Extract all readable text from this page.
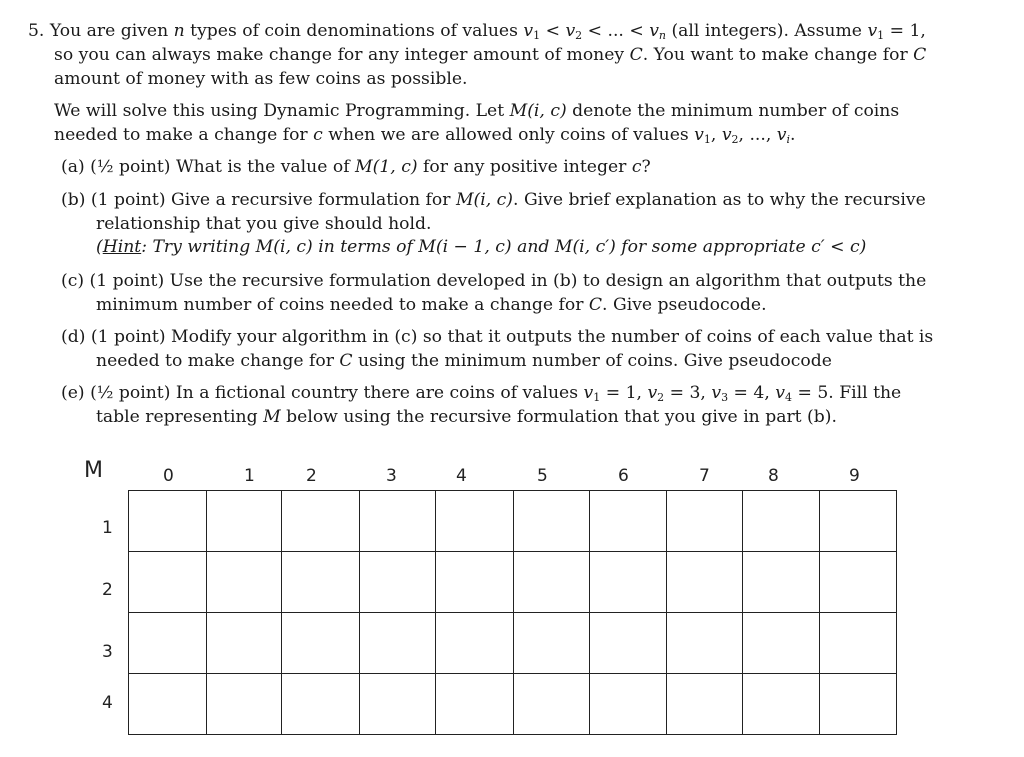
5. You are given n types of coin denominations of values $v_1 < v_2$ < ... < vn (all integers). Assume $v_1 = 1$,
so you can always make change for any integer amount of money C. You want to make change for C
amount of money with as few coins as possible.
We will solve this using Dynamic Programming. Let M(i, c) denote the minimum number of coins
needed to make a change for c when we are allowed only coins of values $v_1$, $v_2$, ..., vi.
(a) (½ point) What is the value of M(1, c) for any positive integer c?
(b) (1 point) Give a recursive formulation for M(i, c). Give brief explanation as to why the recursive
relationship that you give should hold.
(Hint: Try writing M(i, c) in terms of M(i − 1, c) and M(i, c′) for some appropriate c′ < c)
(c) (1 point) Use the recursive formulation developed in (b) to design an algorithm that outputs the
minimum number of coins needed to make a change for C. Give pseudocode.
(d) (1 point) Modify your algorithm in (c) so that it outputs the number of coins of each value that is
needed to make change for C using the minimum number of coins. Give pseudocode
(e) (½ point) In a fictional country there are coins of values $v_1 = 1$, $v_2 = 3$, $v_3 = 4$, $v_4 = 5$. Fill the
table representing M below using the recursive formulation that you give in part (b).
M	0	1	2	3	4	5	6	7	8	9
1
2
3
4
